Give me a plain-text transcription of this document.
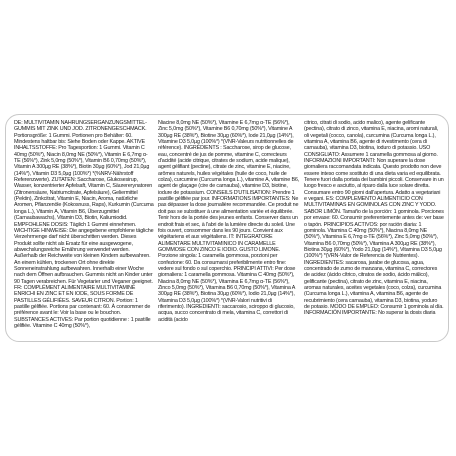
DE: MULTIVITAMIN NAHRUNGSERGÄNZUNGSMITTEL-GUMMIS MIT ZINK UND JOD. ZITRONENGESCHMACK. Portionsgröße: 1 Gummi. Portionen pro Behälter: 60. Mindestens haltbar bis: Siehe Boden oder Kappe. AKTIVE INHALTSSTOFFE: Pro Tagesportion: 1 Gummi. Vitamin C 40mg (50%*), Niacin 8,0mg NE (50%*), Vitamin E 6,7mg α-TE (56%*), Zink 5,0mg (50%*), Vitamin B6 0,70mg (50%*), Vitamin A 300µg RE (38%*), Biotin 30µg (60%*), Jod 21,0µg (14%*), Vitamin D3 5,0µg (100%*) *(%NRV-Nährstoff Referenzwerte). ZUTATEN: Saccharose, Glukosesirup, Wasser, konzentrierter Apfelsaft, Vitamin C, Säurerегулatoren (Zitronensäure, Natriumcitrate, Apfelsäure), Geliermittel (Pektin), Zinkcitrat, Vitamin E, Niacin, Aroma, natürliche Aromen, Pflanzenöle (Kokosnuss, Raps), Kurkumin (Curcuma longa L.), Vitamin A, Vitamin B6, Überzugmittel (Carnaubawachs), Vitamin D3, Biotin, Kaliumiodid. EMPFOHLENE DOSIS: Täglich 1 Gummi einnehmen. WICHTIGE HINWEISE: Die angegebene empfohlene tägliche Verzehrmenge darf nicht überschritten werden. Dieses Produkt sollte nicht als Ersatz für eine ausgewogene, abwechslungsreiche Ernährung verwendet werden. Außerhalb der Reichweite von kleinen Kindern aufbewahren. An einem kühlen, trockenen Ort ohne direkte Sonneneinstrahlung aufbewahren. Innerhalb einer Woche nach dem Öffnen aufbrauchen. Gummis nicht an Kinder unter 90 Tagen verabreichen. Für Vegetarier und Veganer geeignet. FR: COMPLÉMENT ALIMENTAIRE MULTIVITAMINÉ ENRICHI EN ZINC ET EN IODE, SOUS FORME DE PASTILLES GÉLIFIÉES. SAVEUR CITRON. Portion: 1 pastille gélifiée. Portions par contenant: 60. À consommer de préférence avant le: Voir la base ou le bouchon. SUBSTANCES ACTIVES: Par portion quotidienne : 1 pastille gélifiée. Vitamine C 40mg (50%*),

Niacine 8,0mg NE (50%*), Vitamine E 6,7mg α-TE (56%*), Zinc 5,0mg (50%*), Vitamine B6 0,70mg (50%*), Vitamine A 300µg RE (38%*), Biotine 30µg (60%*), Iode 21,0µg (14%*), Vitamine D3 5,0µg (100%*) *(VNR-Valeurs nutritionnelles de référence). INGRÉDIENTS : Saccharose, sirop de glucose, eau, concentré de jus de pomme, vitamine C, correcteurs d'acidité (acide citrique, citrates de sodium, acide malique), agent gélifiant (pectine), citrate de zinc, vitamine E, niacine, arômes naturels, huiles végétales (huile de coco, huile de colza), curcumine (Curcuma longa L.), vitamine A, vitamine B6, agent de glaçage (cire de carnauba), vitamine D3, biotine, iodure de potassium. CONSEILS D'UTILISATION: Prendre 1 pastille gélifiée par jour. INFORMATIONS IMPORTANTES: Ne pas dépasser la dose journalière recommandée. Ce produit ne doit pas se substituer à une alimentation variée et équilibrée. Tenir hors de la portée des jeunes enfants. Conserver dans un endroit frais et sec, à l'abri de la lumière directe du soleil. Une fois ouvert, consommer dans les 90 jours. Convient aux végétariens et aux végétaliens. IT: INTEGRATORE ALIMENTARE MULTIVITAMINICO IN CARAMELLE GOMMOSE CON ZINCO E IODIO. GUSTO LIMONE. Porzione singola: 1 caramella gommosa, porzioni per confezione: 60. Da consumarsi preferibilmente entro fine: vedere sul fondo o sul coperchio. PRINCIPI ATTIVI: Per dose giornaliera: 1 caramella gommosa. Vitamina C 40mg (50%*), Niacina 8,0mg NE (50%*), Vitamina E 6,7mg α-TE (56%*), Zinco 5,0mg (50%*), Vitamina B6 0,70mg (50%*), Vitamina A 300µg RE (38%*), Biotina 30µg (60%*), Iodio 21,0µg (14%*), Vitamina D3 5,0µg (100%*) *(VNR-Valori nutritivi di riferimento). INGREDIENTI: saccarosio, sciroppo di glucosio, acqua, succo concentrato di mela, vitamina C, correttori di acidità (acido

citrico, citrati di sodio, acido malico), agente gelificante (pectina), citrato di zinco, vitamina E, niacina, aromi naturali, oli vegetali (cocco, canola), curcumina (Curcuma longa L.), vitamina A, vitamina B6, agente di rivestimento (cera di carnauba), vitamina D3, biotina, ioduro di potassio. USO CONSIGLIATO: Assumere 1 caramella gommosa al giorno. INFORMAZIONI IMPORTANTI: Non superare la dose giornaliera raccomandata indicata. Questo prodotto non deve essere inteso come sostituto di una dieta varia ed equilibrata. Tenere fuori dalla portata dei bambini piccoli. Conservare in un luogo fresco e asciutto, al riparo dalla luce solare diretta. Consumare entro 90 giorni dall'apertura. Adatto a vegetariani e vegani. ES: COMPLEMENTO ALIMENTICIO CON MULTIVITAMINAS EN GOMINOLAS CON ZINC Y YODO. SABOR LIMÓN. Tamaño de la porción: 1 gominola. Porciones por envase: 60. Consumir preferentemente antes de: ver base o tapón. PRINCIPIOS ACTIVOS: por ración diaria: 1 gominola. Vitamina C 40mg (50%*), Niacina 8,0mg NE (50%*), Vitamina E 6,7mg α-TE (56%*), Zinc 5,0mg (50%*), Vitamina B6 0,70mg (50%*), Vitamina A 300µg RE (38%*), Biotina 30µg (60%*), Yodo 21,0µg (14%*), Vitamina D3 5,0µg (100%*) *(VRN-Valor de Referencia de Nutrientes). INGREDIENTES: sacarosa, jarabe de glucosa, agua, concentrado de zumo de manzana, vitamina C, correctores de acidez (ácido cítrico, citratos de sodio, ácido málico), gelificante (pectina), citrato de zinc, vitamina E, niacina, aromas naturales, aceites vegetales (coco, colza), curcumina (Curcuma longa L.), vitamina A, vitamina B6, agente de recubrimiento (cera carnauba), vitamina D3, biotina, yoduro de potasio. MODO DE EMPLEO: Consumir 1 gominola al día. INFORMACIÓN IMPORTANTE: No superar la dosis diaria
